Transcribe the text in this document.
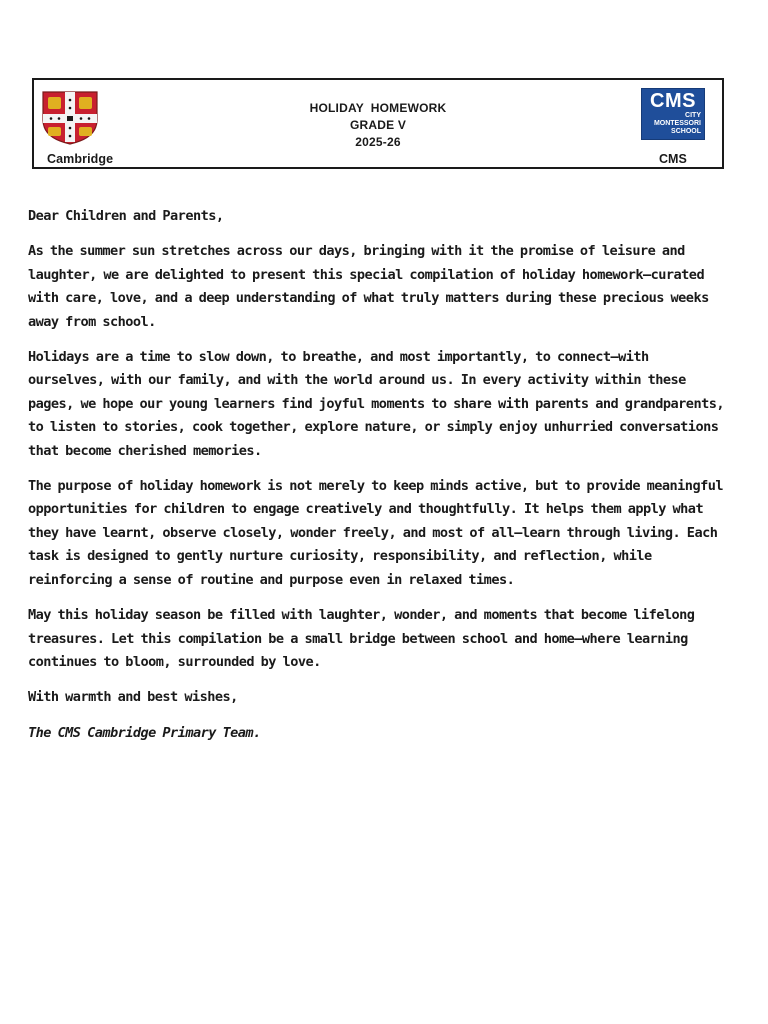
Cambridge
HOLIDAY  HOMEWORK
GRADE V
2025-26
CMS
CITY
MONTESSORI
SCHOOL
CMS

Dear Children and Parents,

As the summer sun stretches across our days, bringing with it the promise of leisure and laughter, we are delighted to present this special compilation of holiday homework—curated with care, love, and a deep understanding of what truly matters during these precious weeks away from school.

Holidays are a time to slow down, to breathe, and most importantly, to connect—with ourselves, with our family, and with the world around us. In every activity within these pages, we hope our young learners find joyful moments to share with parents and grandparents, to listen to stories, cook together, explore nature, or simply enjoy unhurried conversations that become cherished memories.

The purpose of holiday homework is not merely to keep minds active, but to provide meaningful opportunities for children to engage creatively and thoughtfully. It helps them apply what they have learnt, observe closely, wonder freely, and most of all—learn through living. Each task is designed to gently nurture curiosity, responsibility, and reflection, while reinforcing a sense of routine and purpose even in relaxed times.

May this holiday season be filled with laughter, wonder, and moments that become lifelong treasures. Let this compilation be a small bridge between school and home—where learning continues to bloom, surrounded by love.

With warmth and best wishes,

The CMS Cambridge Primary Team.
